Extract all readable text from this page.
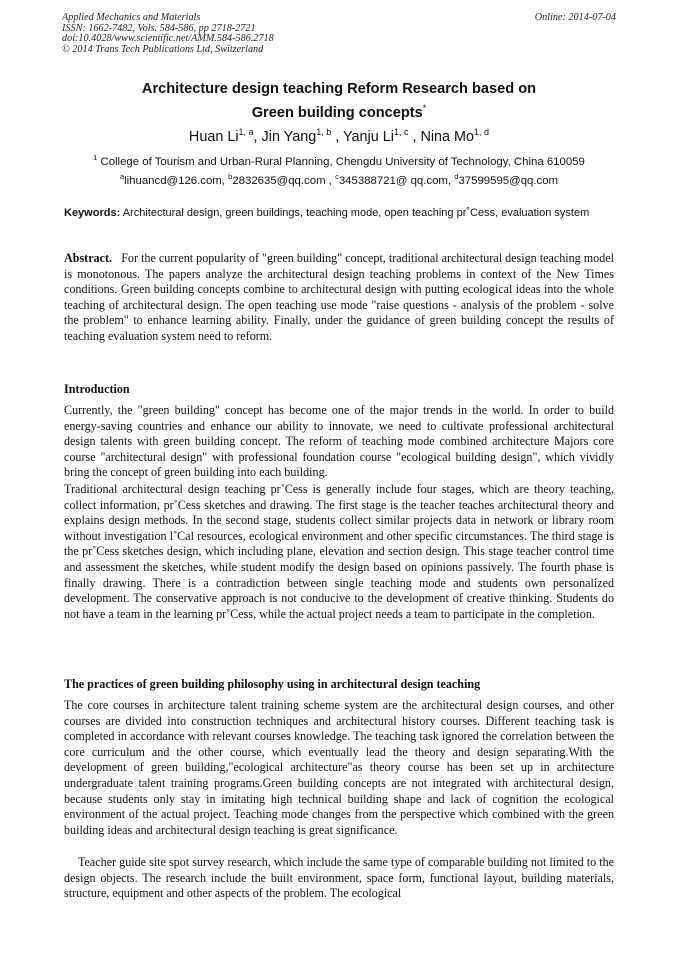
Applied Mechanics and Materials
ISSN: 1662-7482, Vols. 584-586, pp 2718-2721
doi:10.4028/www.scientific.net/AMM.584-586.2718
© 2014 Trans Tech Publications Ltd, Switzerland
Online: 2014-07-04
Architecture design teaching Reform Research based on
Green building concepts*
Huan Li$^{1, a}$, Jin Yang$^{1, b}$ , Yanju Li$^{1, c}$ , Nina Mo$^{1, d}$
$^1$ College of Tourism and Urban-Rural Planning, Chengdu University of Technology, China 610059
$^a$lihuancd@126.com, $^b$2832635@qq.com , $^c$345388721@ qq.com, $^d$37599595@qq.com
Keywords: Architectural design, green buildings, teaching mode, open teaching pr˚Cess, evaluation system
Abstract. For the current popularity of "green building" concept, traditional architectural design teaching model is monotonous. The papers analyze the architectural design teaching problems in context of the New Times conditions. Green building concepts combine to architectural design with putting ecological ideas into the whole teaching of architectural design. The open teaching use mode "raise questions - analysis of the problem - solve the problem" to enhance learning ability. Finally, under the guidance of green building concept the results of teaching evaluation system need to reform.
Introduction
Currently, the "green building" concept has become one of the major trends in the world. In order to build energy-saving countries and enhance our ability to innovate, we need to cultivate professional architectural design talents with green building concept. The reform of teaching mode combined architecture Majors core course "architectural design" with professional foundation course "ecological building design", which vividly bring the concept of green building into each building.
Traditional architectural design teaching pr˚Cess is generally include four stages, which are theory teaching, collect information, pr˚Cess sketches and drawing. The first stage is the teacher teaches architectural theory and explains design methods. In the second stage, students collect similar projects data in network or library room without investigation l˚Cal resources, ecological environment and other specific circumstances. The third stage is the pr˚Cess sketches design, which including plane, elevation and section design. This stage teacher control time and assessment the sketches, while student modify the design based on opinions passively. The fourth phase is finally drawing. There is a contradiction between single teaching mode and students own personalized development. The conservative approach is not conducive to the development of creative thinking. Students do not have a team in the learning pr˚Cess, while the actual project needs a team to participate in the completion.
The practices of green building philosophy using in architectural design teaching
The core courses in architecture talent training scheme system are the architectural design courses, and other courses are divided into construction techniques and architectural history courses. Different teaching task is completed in accordance with relevant courses knowledge. The teaching task ignored the correlation between the core curriculum and the other course, which eventually lead the theory and design separating.With the development of green building,"ecological architecture"as theory course has been set up in architecture undergraduate talent training programs.Green building concepts are not integrated with architectural design, because students only stay in imitating high technical building shape and lack of cognition the ecological environment of the actual project. Teaching mode changes from the perspective which combined with the green building ideas and architectural design teaching is great significance.
Teacher guide site spot survey research, which include the same type of comparable building not limited to the design objects. The research include the built environment, space form, functional layout, building materials, structure, equipment and other aspects of the problem. The ecological
